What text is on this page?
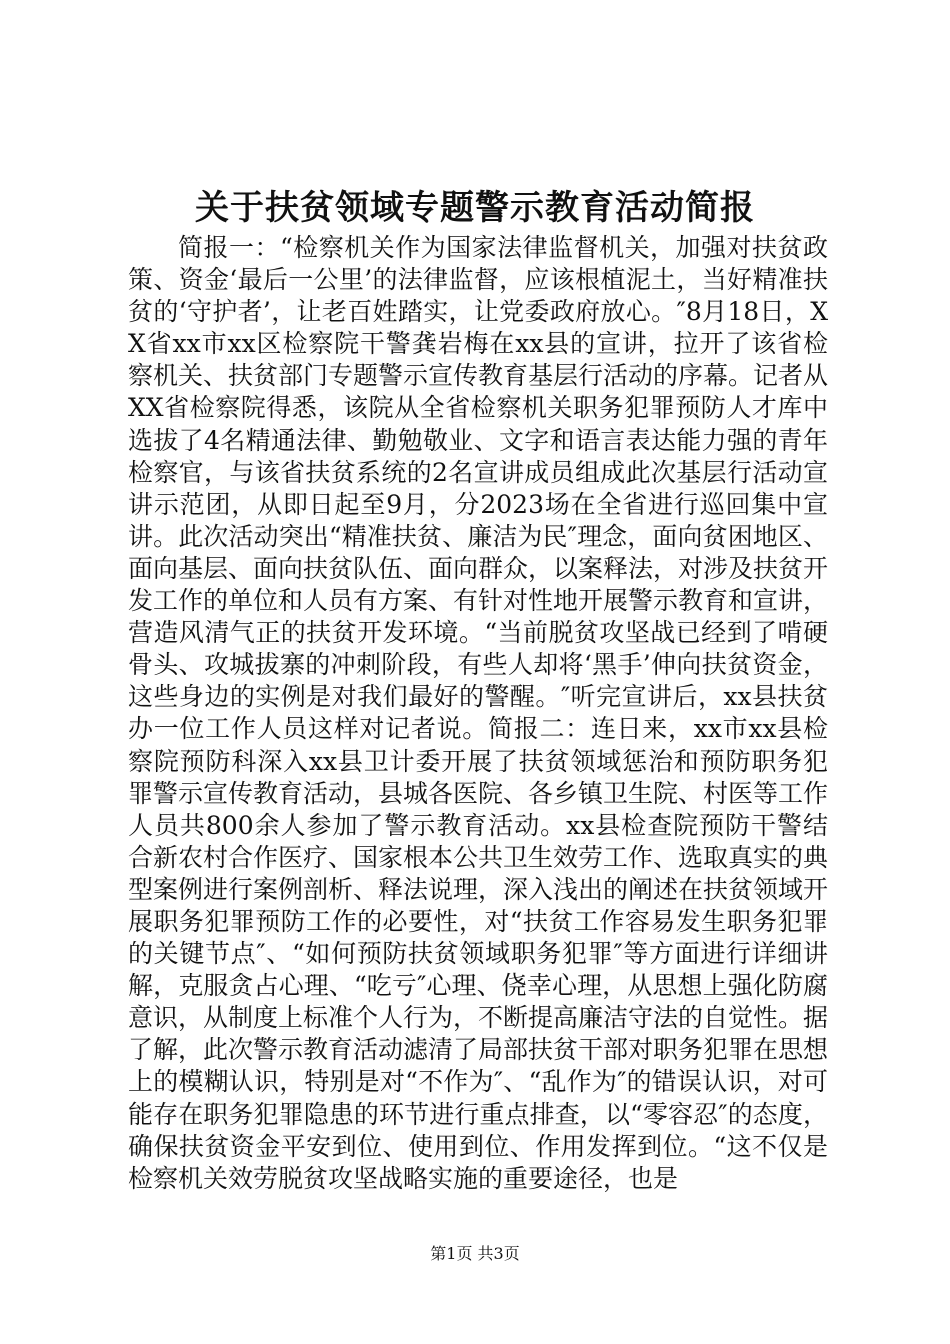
关于扶贫领域专题警示教育活动简报

简报一：“检察机关作为国家法律监督机关，加强对扶贫政策、资金‘最后一公里’的法律监督，应该根植泥土，当好精准扶贫的‘守护者’，让老百姓踏实，让党委政府放心。″8月18日，XX省xx市xx区检察院干警龚岩梅在xx县的宣讲，拉开了该省检察机关、扶贫部门专题警示宣传教育基层行活动的序幕。记者从XX省检察院得悉，该院从全省检察机关职务犯罪预防人才库中选拔了4名精通法律、勤勉敬业、文字和语言表达能力强的青年检察官，与该省扶贫系统的2名宣讲成员组成此次基层行活动宣讲示范团，从即日起至9月，分2023场在全省进行巡回集中宣讲。此次活动突出“精准扶贫、廉洁为民″理念，面向贫困地区、面向基层、面向扶贫队伍、面向群众，以案释法，对涉及扶贫开发工作的单位和人员有方案、有针对性地开展警示教育和宣讲，营造风清气正的扶贫开发环境。“当前脱贫攻坚战已经到了啃硬骨头、攻城拔寨的冲刺阶段，有些人却将‘黑手’伸向扶贫资金，这些身边的实例是对我们最好的警醒。″听完宣讲后，xx县扶贫办一位工作人员这样对记者说。简报二：连日来，xx市xx县检察院预防科深入xx县卫计委开展了扶贫领域惩治和预防职务犯罪警示宣传教育活动，县城各医院、各乡镇卫生院、村医等工作人员共800余人参加了警示教育活动。xx县检查院预防干警结合新农村合作医疗、国家根本公共卫生效劳工作、选取真实的典型案例进行案例剖析、释法说理，深入浅出的阐述在扶贫领域开展职务犯罪预防工作的必要性，对“扶贫工作容易发生职务犯罪的关键节点″、“如何预防扶贫领域职务犯罪″等方面进行详细讲解，克服贪占心理、“吃亏″心理、侥幸心理，从思想上强化防腐意识，从制度上标准个人行为，不断提高廉洁守法的自觉性。据了解，此次警示教育活动滤清了局部扶贫干部对职务犯罪在思想上的模糊认识，特别是对“不作为″、“乱作为″的错误认识，对可能存在职务犯罪隐患的环节进行重点排查，以“零容忍″的态度，确保扶贫资金平安到位、使用到位、作用发挥到位。“这不仅是检察机关效劳脱贫攻坚战略实施的重要途径，也是

第1页 共3页
